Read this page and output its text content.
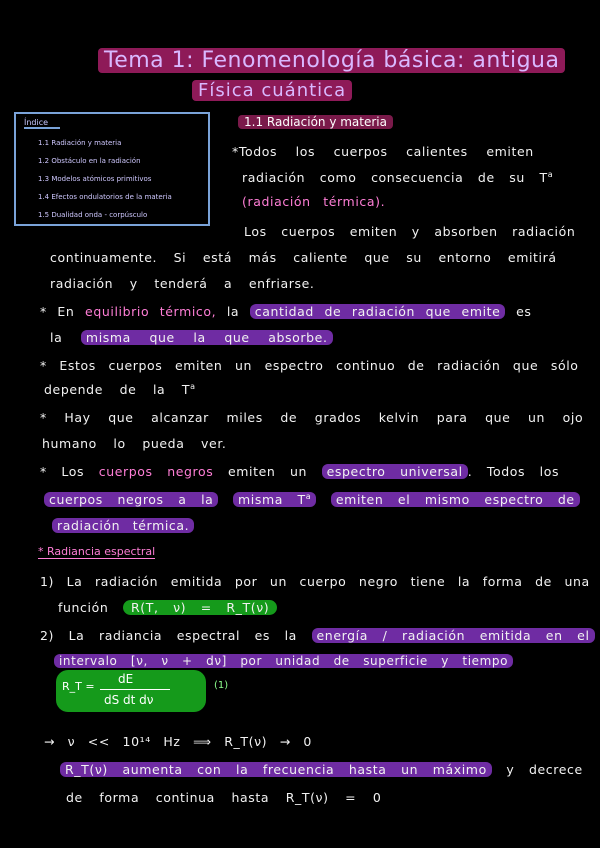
Tema 1: Fenomenología básica: antigua
Física cuántica
Índice
1.1 Radiación y materia
1.2 Obstáculo en la radiación
1.3 Modelos atómicos primitivos
1.4 Efectos ondulatorios de la materia
1.5 Dualidad onda - corpúsculo
1.1 Radiación y materia
*Todos los cuerpos calientes emiten
radiación como consecuencia de su $T^a$
(radiación térmica).
Los cuerpos emiten y absorben radiación
continuamente. Si está más caliente que su entorno emitirá
radiación y tenderá a enfriarse.
* En equilibrio térmico, la cantidad de radiación que emite es
la misma que la que absorbe.
* Estos cuerpos emiten un espectro continuo de radiación que sólo
depende de la $T^a$
* Hay que alcanzar miles de grados kelvin para que un ojo
humano lo pueda ver.
* Los cuerpos negros emiten un espectro universal . Todos los
cuerpos negros a la misma $T^a$ emiten el mismo espectro de
radiación térmica.
* Radiancia espectral
1) La radiación emitida por un cuerpo negro tiene la forma de una
función R(T, ν) = R_T(ν)
2) La radiancia espectral es la energía / radiación emitida en el
intervalo [ν, ν + dν] por unidad de superficie y tiempo
R_T =
dE
dS dt dν
(1)
→ ν << 10¹⁴ Hz ⟹ R_T(ν) → 0
R_T(ν) aumenta con la frecuencia hasta un máximo y decrece
de forma continua hasta R_T(ν) = 0
